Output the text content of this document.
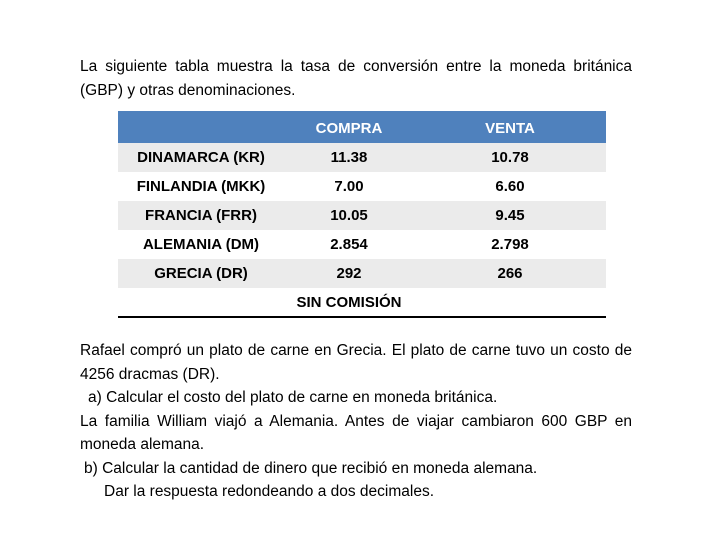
La siguiente tabla muestra la tasa de conversión entre la moneda británica (GBP) y otras denominaciones.
	COMPRA	VENTA
DINAMARCA (KR)	11.38	10.78
FINLANDIA (MKK)	7.00	6.60
FRANCIA (FRR)	10.05	9.45
ALEMANIA (DM)	2.854	2.798
GRECIA (DR)	292	266
	SIN COMISIÓN	

Rafael compró un plato de carne en Grecia. El plato de carne tuvo un costo de 4256 dracmas (DR).

a) Calcular el costo del plato de carne en moneda británica.

La familia William viajó a Alemania. Antes de viajar cambiaron 600 GBP en moneda alemana.

b) Calcular la cantidad de dinero que recibió en moneda alemana.

Dar la respuesta redondeando a dos decimales.
